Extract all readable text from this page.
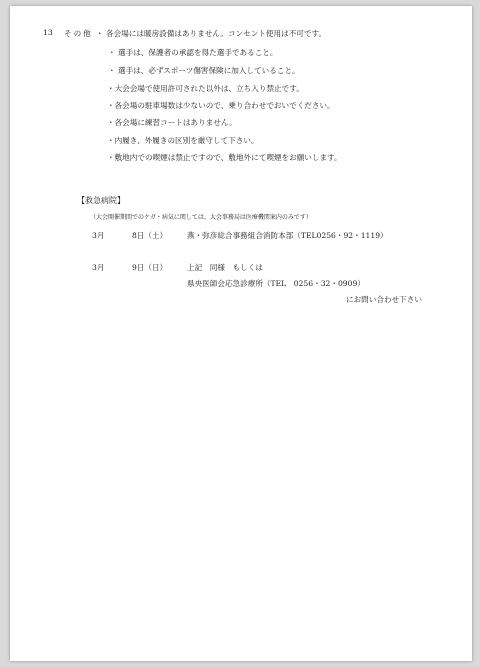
13 その他 ・ 各会場には暖房設備はありません。コンセント使用は不可です。
・ 選手は、保護者の承認を得た選手であること。
・ 選手は、必ずスポーツ傷害保険に加入していること。
・大会会場で使用許可された以外は、立ち入り禁止です。
・各会場の駐車場数は少ないので、乗り合わせでおいでください。
・各会場に練習コートはありません。
・内履き、外履きの区別を厳守して下さい。
・敷地内での喫煙は禁止ですので、敷地外にて喫煙をお願いします。
【救急病院】
（大会開催期間でのケガ・病気に関しては、大会事務局は医療機関案内のみです）
3月	8日（土）	燕・弥彦総合事務組合消防本部（TEL0256・92・1119）
3月	9日（日）	上記　同様　もしくは
県央医師会応急診療所（TEL　0256・32・0909）
にお問い合わせ下さい
